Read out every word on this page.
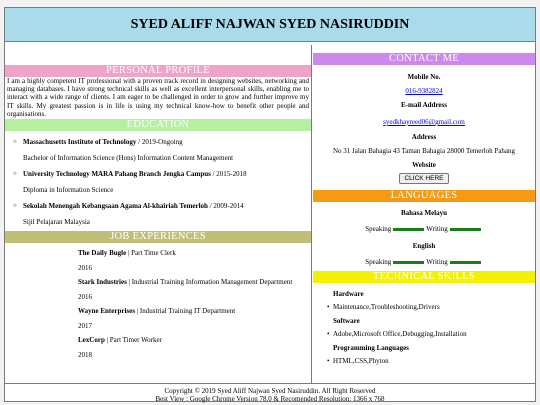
SYED ALIFF NAJWAN SYED NASIRUDDIN
PERSONAL PROFILE

I am a highly competent IT professional with a proven track record in designing websites, networking and managing databases. I have strong technical skills as well as excellent interpersonal skills, enabling me to interact with a wide range of clients. I am eager to be challenged in order to grow and further improve my IT skills. My greatest passion is in life is using my technical know-how to benefit other people and organisations.

EDUCATION
○ Massachusetts Institute of Technology / 2019-Ongoing
Bachelor of Information Science (Hons) Information Content Management
○ University Technology MARA Pahang Branch Jengka Campus / 2015-2018
Diploma in Information Science
○ Sekolah Menengah Kebangsaan Agama Al-khairiah Temerloh / 2009-2014
Sijil Pelajaran Malaysia
JOB EXPERIENCES
The Daily Bugle | Part Time Clerk
2016
Stark Industries | Industrial Training Information Management Department
2016
Wayne Enterprises | Industrial Training IT Department
2017
LexCorp | Part Timer Worker
2018
CONTACT ME
Mobile No.
016-9382824
E-mail Address
syedkhayreed06@gmail.com
Address
No 31 Jalan Bahagia 43 Taman Bahagia 28000 Temerloh Pahang
Website
CLICK HERE
LANGUAGES
Bahasa Melayu
Speaking	Writing
English
Speaking	Writing
TECHNICAL SKILLS
Hardware
• Maintenance,Troubleshooting,Drivers
Software
• Adobe,Microsoft Office,Debugging,Installation
Programming Languages
• HTML,CSS,Phyton
Copyright © 2019 Syed Aliff Najwan Syed Nasiruddin. All Right Reserved
Best View : Google Chrome Version 78.0 & Recomended Resolution: 1366 x 768
